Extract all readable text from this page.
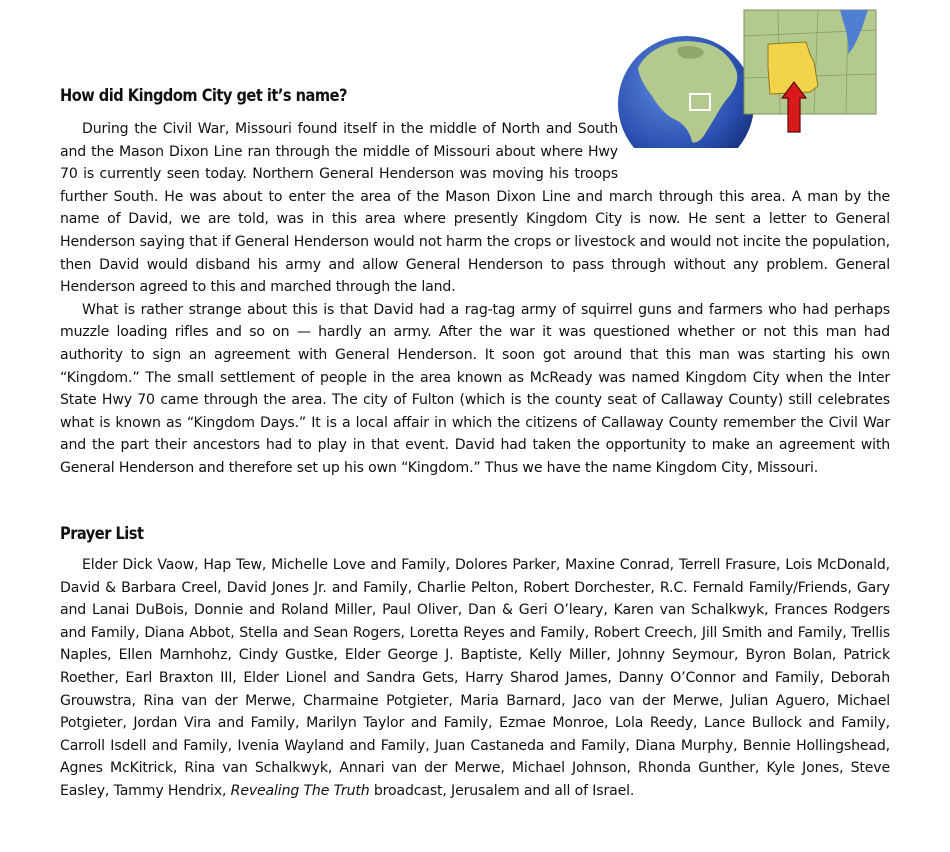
How did Kingdom City get it’s name?

During the Civil War, Missouri found itself in the middle of North and South and the Mason Dixon Line ran through the middle of Missouri about where Hwy 70 is currently seen today. Northern General Henderson was moving his troops further South. He was about to enter the area of the Mason Dixon Line and march through this area. A man by the name of David, we are told, was in this area where presently Kingdom City is now. He sent a letter to General Henderson saying that if General Henderson would not harm the crops or livestock and would not incite the population, then David would disband his army and allow General Henderson to pass through without any problem. General Henderson agreed to this and marched through the land.

What is rather strange about this is that David had a rag-tag army of squirrel guns and farmers who had perhaps muzzle loading rifles and so on — hardly an army. After the war it was questioned whether or not this man had authority to sign an agreement with General Henderson. It soon got around that this man was starting his own “Kingdom.” The small settlement of people in the area known as McReady was named Kingdom City when the Inter State Hwy 70 came through the area. The city of Fulton (which is the county seat of Callaway County) still celebrates what is known as “Kingdom Days.” It is a local affair in which the citizens of Callaway County remember the Civil War and the part their ancestors had to play in that event. David had taken the opportunity to make an agreement with General Henderson and therefore set up his own “Kingdom.” Thus we have the name Kingdom City, Missouri.

Prayer List

Elder Dick Vaow, Hap Tew, Michelle Love and Family, Dolores Parker, Maxine Conrad, Terrell Frasure, Lois McDonald, David & Barbara Creel, David Jones Jr. and Family, Charlie Pelton, Robert Dorchester, R.C. Fernald Family/Friends, Gary and Lanai DuBois, Donnie and Roland Miller, Paul Oliver, Dan & Geri O’leary, Karen van Schalkwyk, Frances Rodgers and Family, Diana Abbot, Stella and Sean Rogers, Loretta Reyes and Family, Robert Creech, Jill Smith and Family, Trellis Naples, Ellen Marnhohz, Cindy Gustke, Elder George J. Baptiste, Kelly Miller, Johnny Seymour, Byron Bolan, Patrick Roether, Earl Braxton III, Elder Lionel and Sandra Gets, Harry Sharod James, Danny O’Connor and Family, Deborah Grouwstra, Rina van der Merwe, Charmaine Potgieter, Maria Barnard, Jaco van der Merwe, Julian Aguero, Michael Potgieter, Jordan Vira and Family, Marilyn Taylor and Family, Ezmae Monroe, Lola Reedy, Lance Bullock and Family, Carroll Isdell and Family, Ivenia Wayland and Family, Juan Castaneda and Family, Diana Murphy, Bennie Hollingshead, Agnes McKitrick, Rina van Schalkwyk, Annari van der Merwe, Michael Johnson, Rhonda Gunther, Kyle Jones, Steve Easley, Tammy Hendrix, Revealing The Truth broadcast, Jerusalem and all of Israel.
